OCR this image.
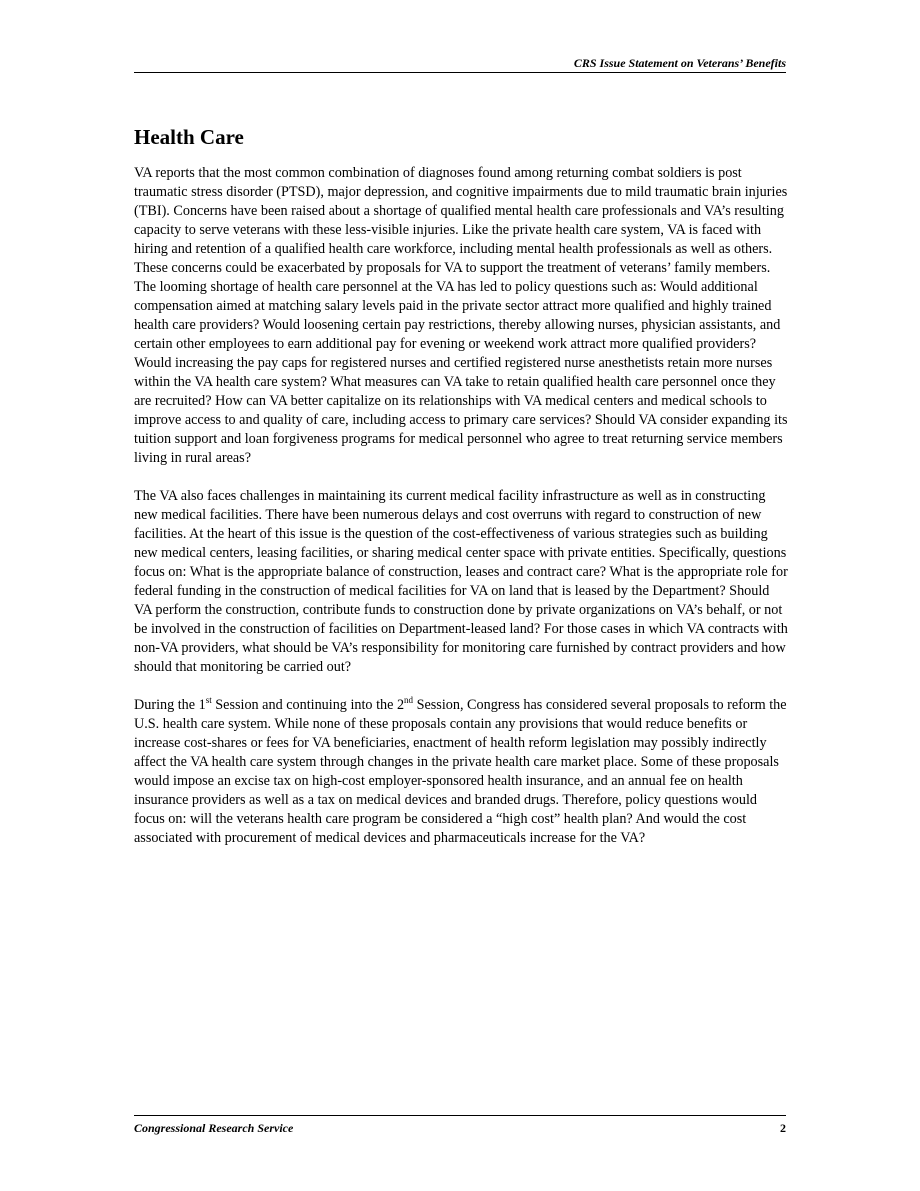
CRS Issue Statement on Veterans’ Benefits
Health Care

VA reports that the most common combination of diagnoses found among returning combat soldiers is post traumatic stress disorder (PTSD), major depression, and cognitive impairments due to mild traumatic brain injuries (TBI). Concerns have been raised about a shortage of qualified mental health care professionals and VA’s resulting capacity to serve veterans with these less-visible injuries. Like the private health care system, VA is faced with hiring and retention of a qualified health care workforce, including mental health professionals as well as others. These concerns could be exacerbated by proposals for VA to support the treatment of veterans’ family members. The looming shortage of health care personnel at the VA has led to policy questions such as: Would additional compensation aimed at matching salary levels paid in the private sector attract more qualified and highly trained health care providers? Would loosening certain pay restrictions, thereby allowing nurses, physician assistants, and certain other employees to earn additional pay for evening or weekend work attract more qualified providers? Would increasing the pay caps for registered nurses and certified registered nurse anesthetists retain more nurses within the VA health care system? What measures can VA take to retain qualified health care personnel once they are recruited? How can VA better capitalize on its relationships with VA medical centers and medical schools to improve access to and quality of care, including access to primary care services? Should VA consider expanding its tuition support and loan forgiveness programs for medical personnel who agree to treat returning service members living in rural areas?

The VA also faces challenges in maintaining its current medical facility infrastructure as well as in constructing new medical facilities. There have been numerous delays and cost overruns with regard to construction of new facilities. At the heart of this issue is the question of the cost-effectiveness of various strategies such as building new medical centers, leasing facilities, or sharing medical center space with private entities. Specifically, questions focus on: What is the appropriate balance of construction, leases and contract care? What is the appropriate role for federal funding in the construction of medical facilities for VA on land that is leased by the Department? Should VA perform the construction, contribute funds to construction done by private organizations on VA’s behalf, or not be involved in the construction of facilities on Department-leased land? For those cases in which VA contracts with non-VA providers, what should be VA’s responsibility for monitoring care furnished by contract providers and how should that monitoring be carried out?

During the 1st Session and continuing into the 2nd Session, Congress has considered several proposals to reform the U.S. health care system. While none of these proposals contain any provisions that would reduce benefits or increase cost-shares or fees for VA beneficiaries, enactment of health reform legislation may possibly indirectly affect the VA health care system through changes in the private health care market place. Some of these proposals would impose an excise tax on high-cost employer-sponsored health insurance, and an annual fee on health insurance providers as well as a tax on medical devices and branded drugs. Therefore, policy questions would focus on: will the veterans health care program be considered a “high cost” health plan? And would the cost associated with procurement of medical devices and pharmaceuticals increase for the VA?

Congressional Research Service	2
